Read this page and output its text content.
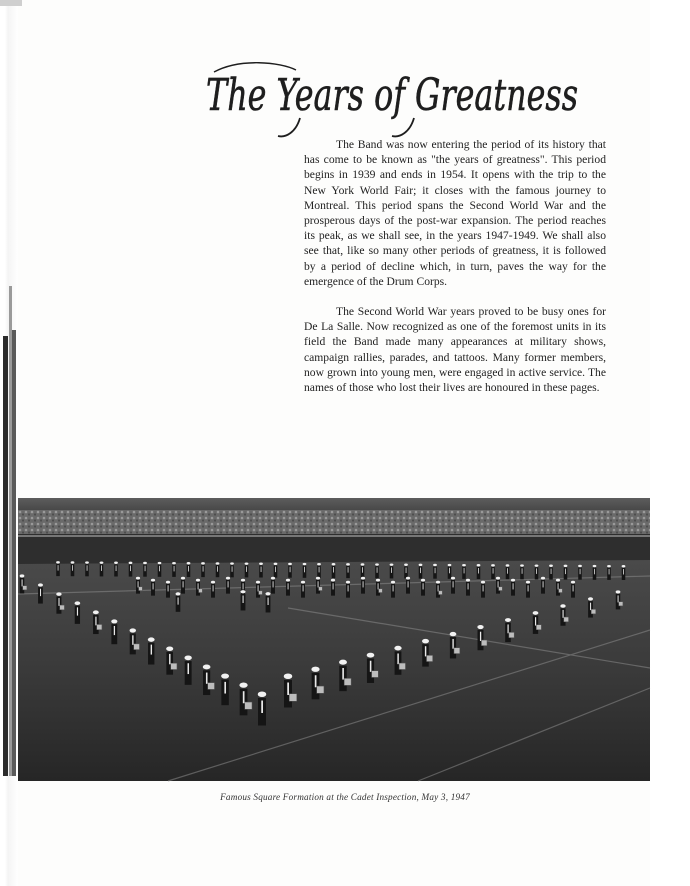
The Years of Greatness

The Band was now entering the period of its history that has come to be known as "the years of greatness". This period begins in 1939 and ends in 1954. It opens with the trip to the New York World Fair; it closes with the famous journey to Montreal. This period spans the Second World War and the prosperous days of the post-war expansion. The period reaches its peak, as we shall see, in the years 1947-1949. We shall also see that, like so many other periods of greatness, it is followed by a period of decline which, in turn, paves the way for the emergence of the Drum Corps.

The Second World War years proved to be busy ones for De La Salle. Now recognized as one of the foremost units in its field the Band made many appearances at military shows, campaign rallies, parades, and tattoos. Many former members, now grown into young men, were engaged in active service. The names of those who lost their lives are honoured in these pages.

Famous Square Formation at the Cadet Inspection, May 3, 1947
